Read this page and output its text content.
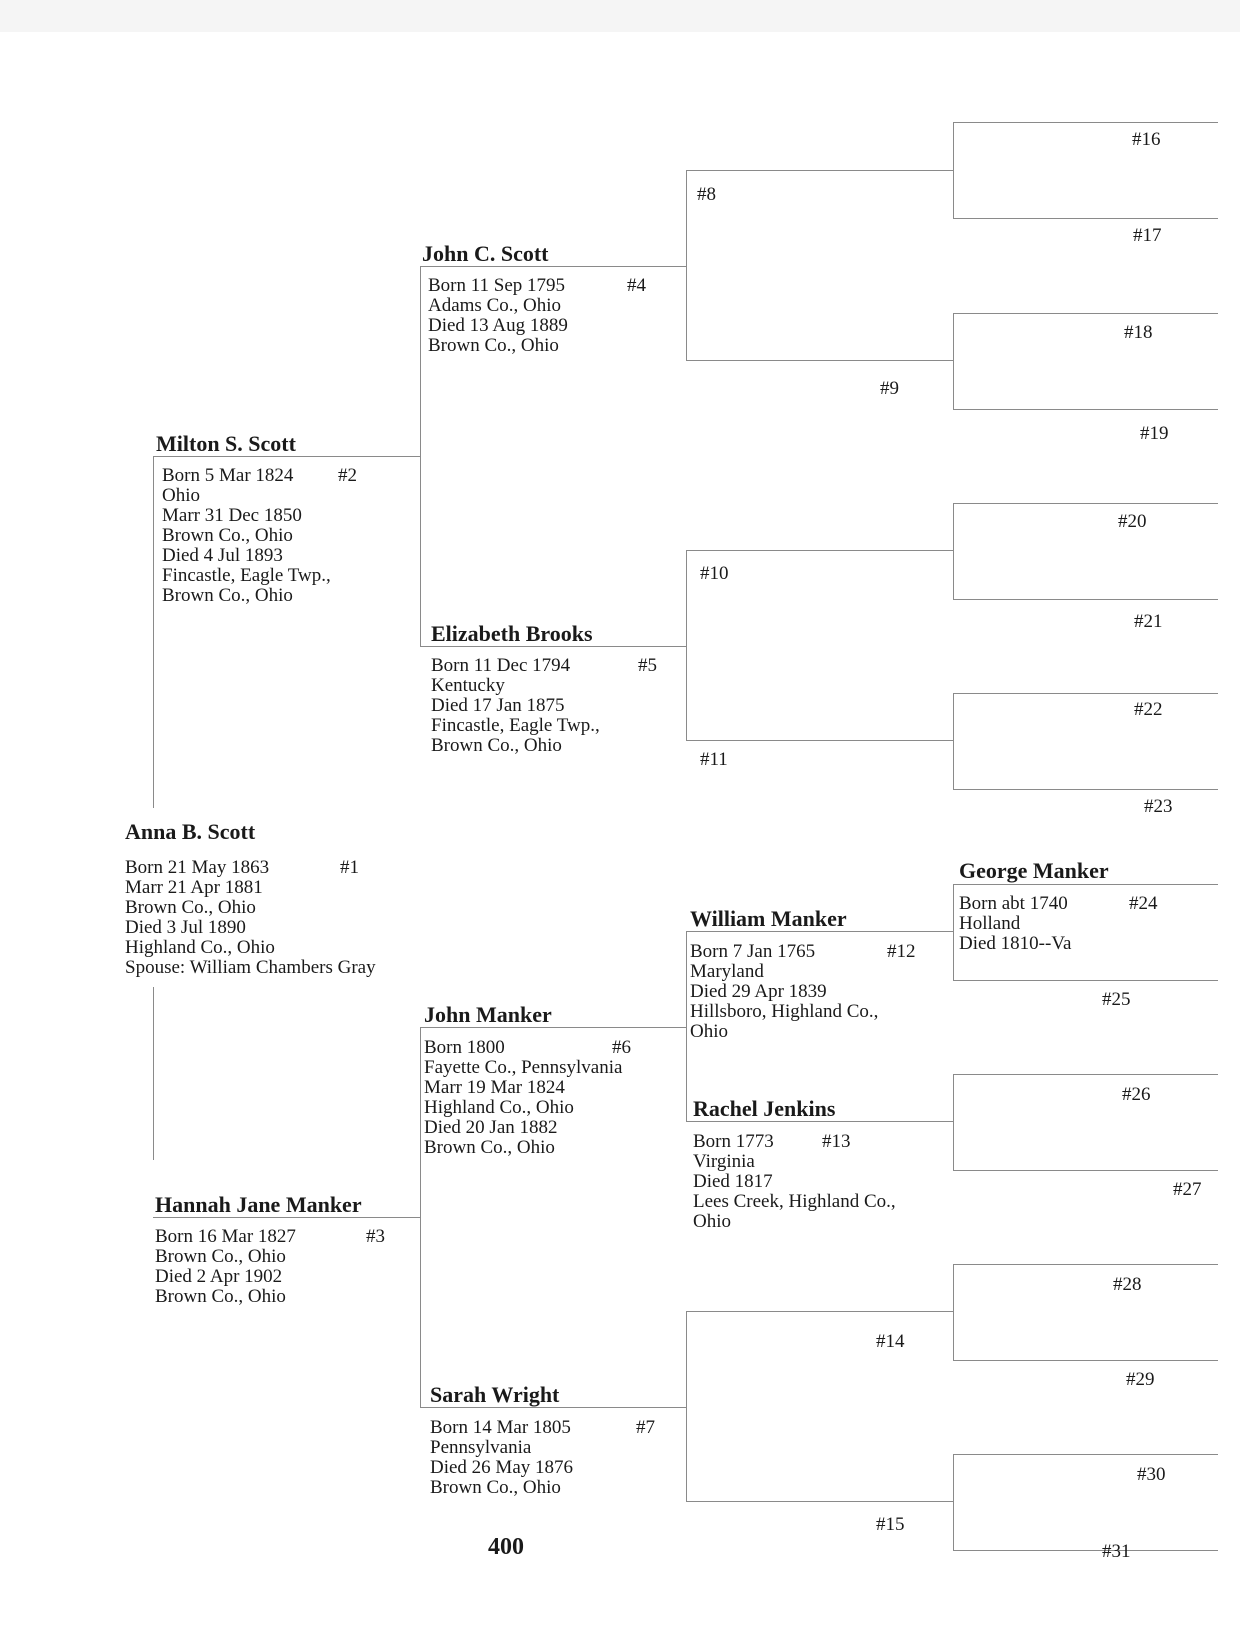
Anna B. Scott
#1
Born 21 May 1863
Marr 21 Apr 1881
Brown Co., Ohio
Died 3 Jul 1890
Highland Co., Ohio
Spouse: William Chambers Gray
Milton S. Scott
#2
Born 5 Mar 1824
Ohio
Marr 31 Dec 1850
Brown Co., Ohio
Died 4 Jul 1893
Fincastle, Eagle Twp.,
Brown Co., Ohio
Hannah Jane Manker
#3
Born 16 Mar 1827
Brown Co., Ohio
Died 2 Apr 1902
Brown Co., Ohio
John C. Scott
#4
Born 11 Sep 1795
Adams Co., Ohio
Died 13 Aug 1889
Brown Co., Ohio
Elizabeth Brooks
#5
Born 11 Dec 1794
Kentucky
Died 17 Jan 1875
Fincastle, Eagle Twp.,
Brown Co., Ohio
John Manker
#6
Born 1800
Fayette Co., Pennsylvania
Marr 19 Mar 1824
Highland Co., Ohio
Died 20 Jan 1882
Brown Co., Ohio
Sarah Wright
#7
Born 14 Mar 1805
Pennsylvania
Died 26 May 1876
Brown Co., Ohio
William Manker
#12
Born 7 Jan 1765
Maryland
Died 29 Apr 1839
Hillsboro, Highland Co.,
Ohio
Rachel Jenkins
#13
Born 1773
Virginia
Died 1817
Lees Creek, Highland Co.,
Ohio
George Manker
#24
Born abt 1740
Holland
Died 1810--Va
#8
#9
#10
#11
#14
#15
#16
#17
#18
#19
#20
#21
#22
#23
#25
#26
#27
#28
#29
#30
#31
400
